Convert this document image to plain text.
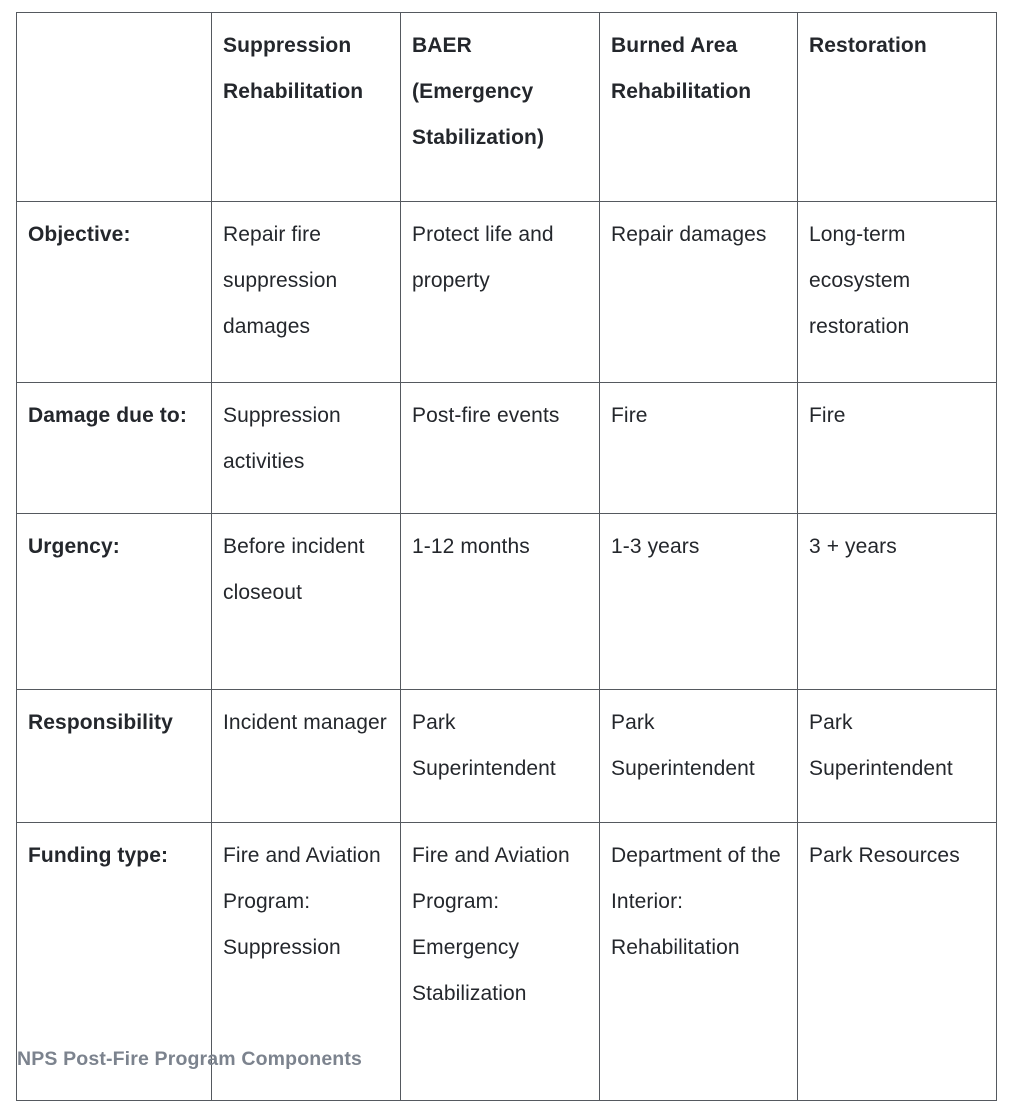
	Suppression Rehabilitation	BAER (Emergency Stabilization)	Burned Area Rehabilitation	Restoration
Objective:	Repair fire suppression damages	Protect life and property	Repair damages	Long-term ecosystem restoration
Damage due to:	Suppression activities	Post-fire events	Fire	Fire
Urgency:	Before incident closeout	1-12 months	1-3 years	3 + years
Responsibility	Incident manager	Park Superintendent	Park Superintendent	Park Superintendent
Funding type:	Fire and Aviation Program: Suppression	Fire and Aviation Program: Emergency Stabilization	Department of the Interior: Rehabilitation	Park Resources
NPS Post-Fire Program Components
